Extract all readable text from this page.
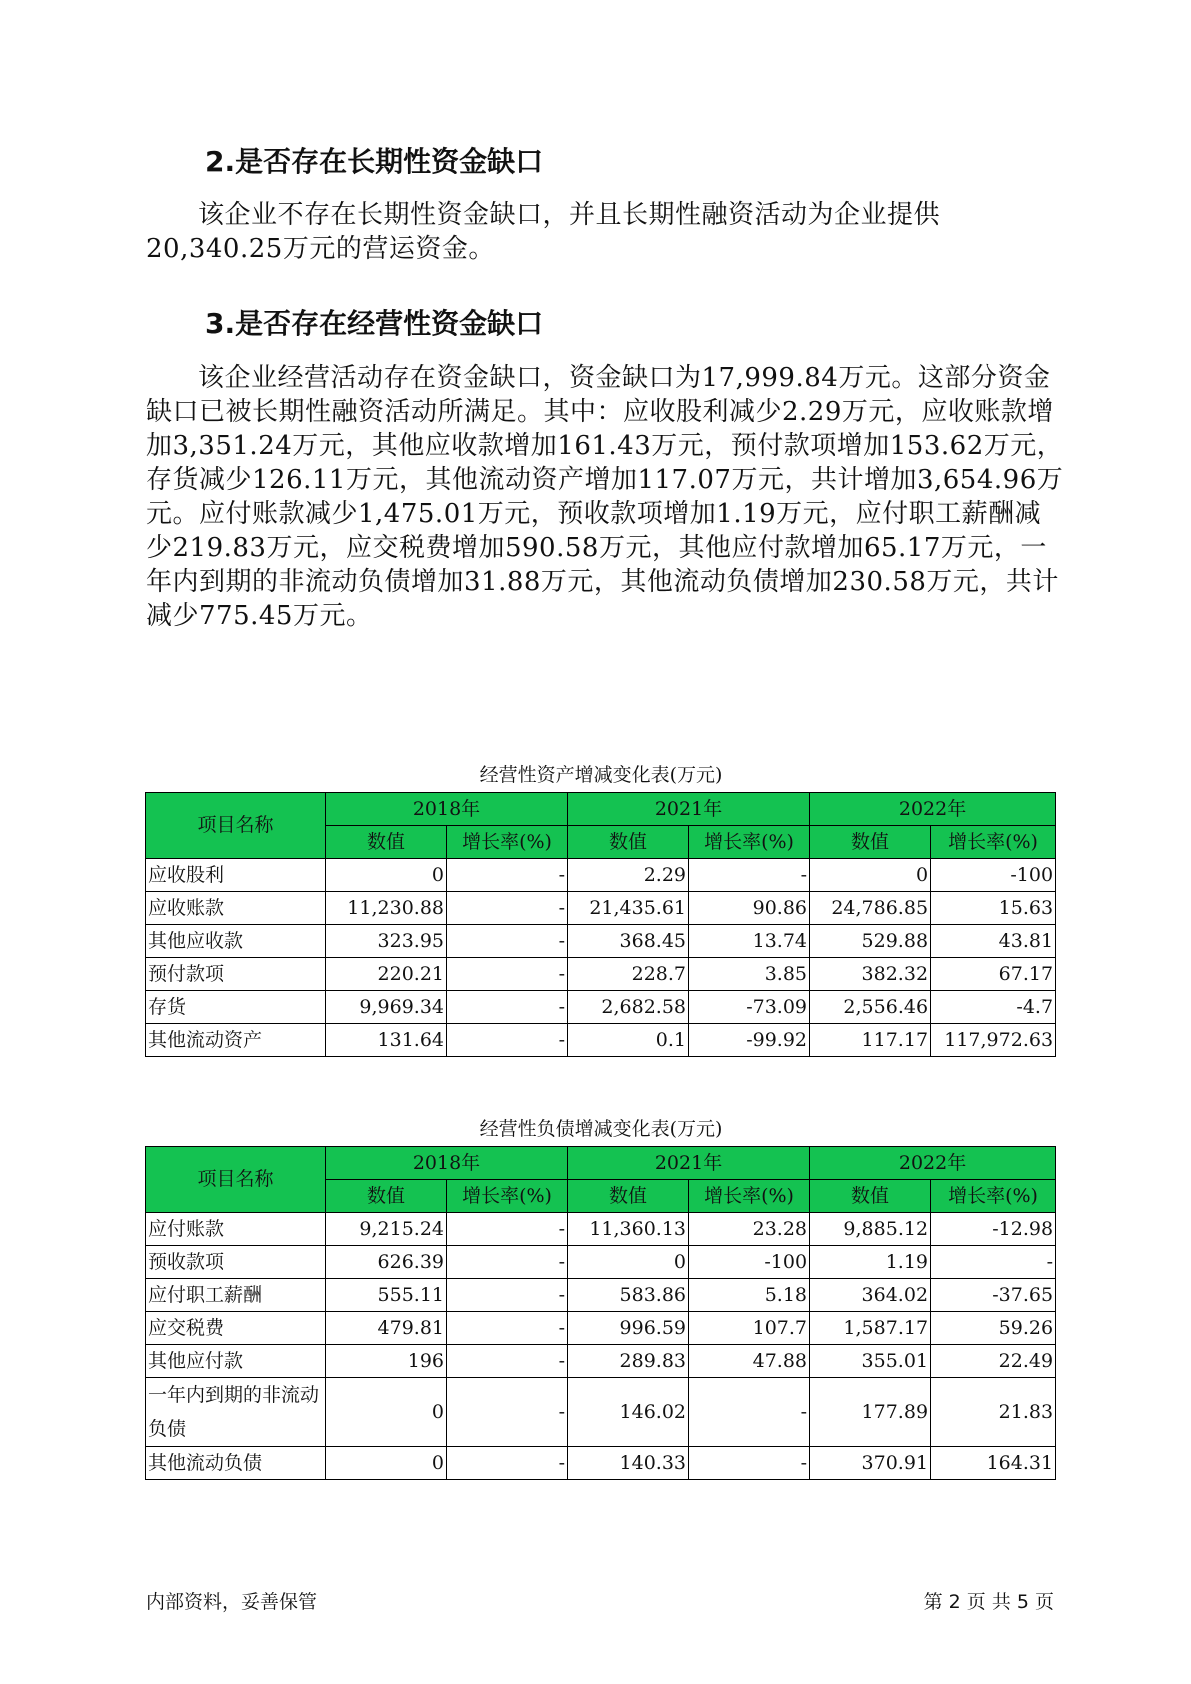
2.是否存在长期性资金缺口

该企业不存在长期性资金缺口，并且长期性融资活动为企业提供20,340.25万元的营运资金。

3.是否存在经营性资金缺口

该企业经营活动存在资金缺口，资金缺口为17,999.84万元。这部分资金缺口已被长期性融资活动所满足。其中：应收股利减少2.29万元，应收账款增加3,351.24万元，其他应收款增加161.43万元，预付款项增加153.62万元，存货减少126.11万元，其他流动资产增加117.07万元，共计增加3,654.96万元。应付账款减少1,475.01万元，预收款项增加1.19万元，应付职工薪酬减少219.83万元，应交税费增加590.58万元，其他应付款增加65.17万元，一年内到期的非流动负债增加31.88万元，其他流动负债增加230.58万元，共计减少775.45万元。

经营性资产增减变化表(万元)
项目名称	2018年		2021年		2022年	
	数值	增长率(%)	数值	增长率(%)	数值	增长率(%)
应收股利	0	-	2.29	-	0	-100
应收账款	11,230.88	-	21,435.61	90.86	24,786.85	15.63
其他应收款	323.95	-	368.45	13.74	529.88	43.81
预付款项	220.21	-	228.7	3.85	382.32	67.17
存货	9,969.34	-	2,682.58	-73.09	2,556.46	-4.7
其他流动资产	131.64	-	0.1	-99.92	117.17	117,972.63
经营性负债增减变化表(万元)
项目名称	2018年		2021年		2022年	
	数值	增长率(%)	数值	增长率(%)	数值	增长率(%)
应付账款	9,215.24	-	11,360.13	23.28	9,885.12	-12.98
预收款项	626.39	-	0	-100	1.19	-
应付职工薪酬	555.11	-	583.86	5.18	364.02	-37.65
应交税费	479.81	-	996.59	107.7	1,587.17	59.26
其他应付款	196	-	289.83	47.88	355.01	22.49
一年内到期的非流动负债	0	-	146.02	-	177.89	21.83
其他流动负债	0	-	140.33	-	370.91	164.31
内部资料，妥善保管	第 2 页 共 5 页
